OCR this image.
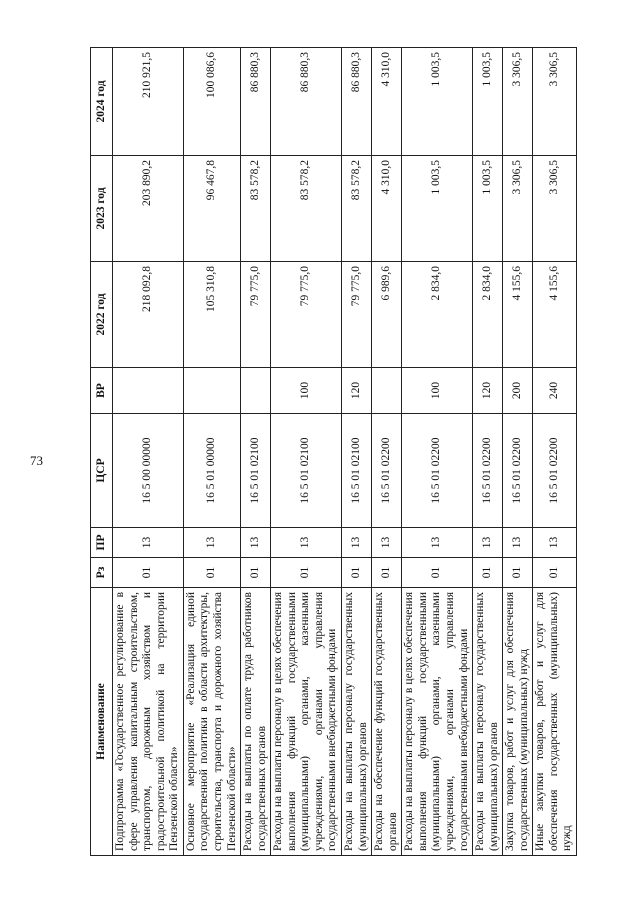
73
Наименование	Рз	ПР	ЦСР	ВР	2022 год	2023 год	2024 год
Подпрограмма «Государственное регулирование в сфере управления капитальным строительством, транспортом, дорожным хозяйством и градостроительной политикой на территории Пензенской области»	01	13	16 5 00 00000		218 092,8	203 890,2	210 921,5
Основное мероприятие «Реализация единой государственной политики в области архитектуры, строительства, транспорта и дорожного хозяйства Пензенской области»	01	13	16 5 01 00000		105 310,8	96 467,8	100 086,6
Расходы на выплаты по оплате труда работников государственных органов	01	13	16 5 01 02100		79 775,0	83 578,2	86 880,3
Расходы на выплаты персоналу в целях обеспечения выполнения функций государственными (муниципальными) органами, казенными учреждениями, органами управления государственными внебюджетными фондами	01	13	16 5 01 02100	100	79 775,0	83 578,2	86 880,3
Расходы на выплаты персоналу государственных (муниципальных) органов	01	13	16 5 01 02100	120	79 775,0	83 578,2	86 880,3
Расходы на обеспечение функций государственных органов	01	13	16 5 01 02200		6 989,6	4 310,0	4 310,0
Расходы на выплаты персоналу в целях обеспечения выполнения функций государственными (муниципальными) органами, казенными учреждениями, органами управления государственными внебюджетными фондами	01	13	16 5 01 02200	100	2 834,0	1 003,5	1 003,5
Расходы на выплаты персоналу государственных (муниципальных) органов	01	13	16 5 01 02200	120	2 834,0	1 003,5	1 003,5
Закупка товаров, работ и услуг для обеспечения государственных (муниципальных) нужд	01	13	16 5 01 02200	200	4 155,6	3 306,5	3 306,5
Иные закупки товаров, работ и услуг для обеспечения государственных (муниципальных) нужд	01	13	16 5 01 02200	240	4 155,6	3 306,5	3 306,5
